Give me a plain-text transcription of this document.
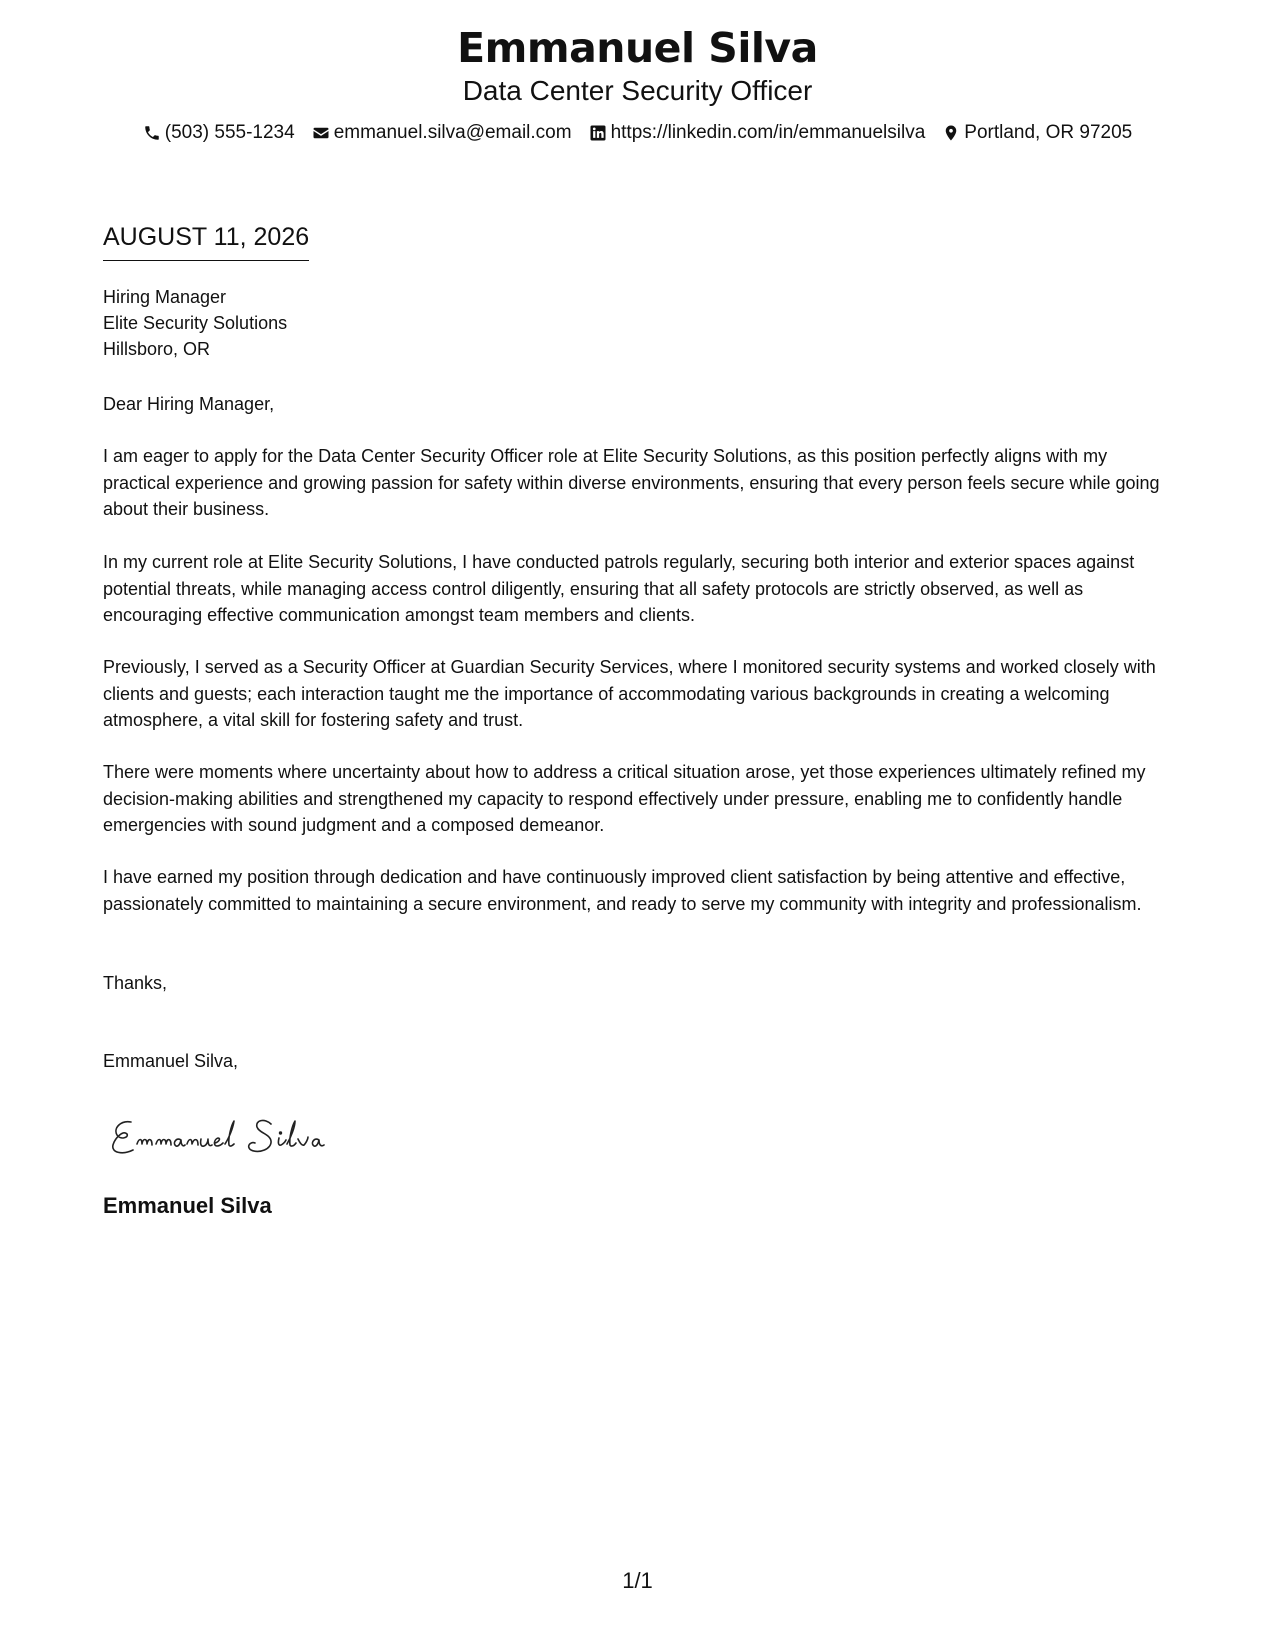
Emmanuel Silva
Data Center Security Officer
(503) 555-1234 emmanuel.silva@email.com https://linkedin.com/in/emmanuelsilva Portland, OR 97205
AUGUST 11, 2026
Hiring Manager
Elite Security Solutions
Hillsboro, OR
Dear Hiring Manager,
I am eager to apply for the Data Center Security Officer role at Elite Security Solutions, as this position perfectly aligns with my practical experience and growing passion for safety within diverse environments, ensuring that every person feels secure while going about their business.
In my current role at Elite Security Solutions, I have conducted patrols regularly, securing both interior and exterior spaces against potential threats, while managing access control diligently, ensuring that all safety protocols are strictly observed, as well as encouraging effective communication amongst team members and clients.
Previously, I served as a Security Officer at Guardian Security Services, where I monitored security systems and worked closely with clients and guests; each interaction taught me the importance of accommodating various backgrounds in creating a welcoming atmosphere, a vital skill for fostering safety and trust.
There were moments where uncertainty about how to address a critical situation arose, yet those experiences ultimately refined my decision-making abilities and strengthened my capacity to respond effectively under pressure, enabling me to confidently handle emergencies with sound judgment and a composed demeanor.
I have earned my position through dedication and have continuously improved client satisfaction by being attentive and effective, passionately committed to maintaining a secure environment, and ready to serve my community with integrity and professionalism.
Thanks,
Emmanuel Silva,
Emmanuel Silva
1/1
